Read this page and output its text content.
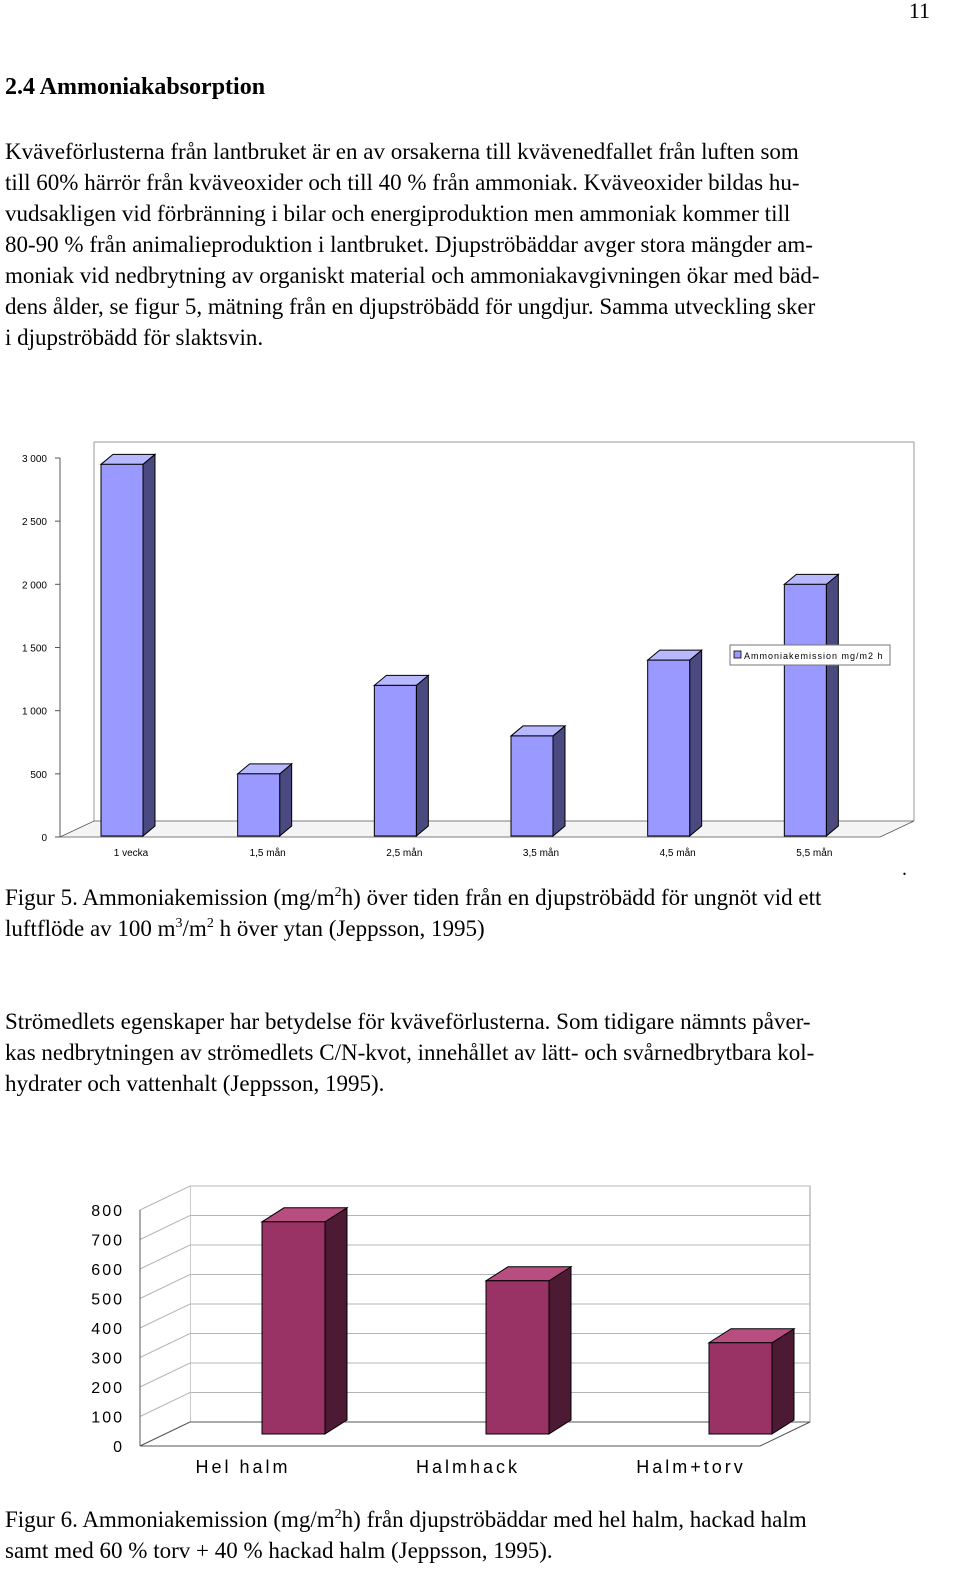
11
2.4 Ammoniakabsorption
Kväveförlusterna från lantbruket är en av orsakerna till kvävenedfallet från luften som
till 60% härrör från kväveoxider och till 40 % från ammoniak. Kväveoxider bildas hu-
vudsakligen vid förbränning i bilar och energiproduktion men ammoniak kommer till
80-90 % från animalieproduktion i lantbruket. Djupströbäddar avger stora mängder am-
moniak vid nedbrytning av organiskt material och ammoniakavgivningen ökar med bäd-
dens ålder, se figur 5, mätning från en djupströbädd för ungdjur. Samma utveckling sker
i djupströbädd för slaktsvin.
0
500
1 000
1 500
2 000
2 500
3 000
1 vecka	1,5 mån	2,5 mån	3,5 mån	4,5 mån	5,5 mån
Ammoniakemission mg/m2 h
.
Figur 5. Ammoniakemission $(mg/m^2h)$ över tiden från en djupströbädd för ungnöt vid ett
luftflöde av 100 $m^3/m^2$ h över ytan (Jeppsson, 1995)
Strömedlets egenskaper har betydelse för kväveförlusterna. Som tidigare nämnts påver-
kas nedbrytningen av strömedlets C/N-kvot, innehållet av lätt- och svårnedbrytbara kol-
hydrater och vattenhalt (Jeppsson, 1995).
0
100
200
300
400
500
600
700
800
Hel halm	Halmhack	Halm+torv
Figur 6. Ammoniakemission $(mg/m^2h)$ från djupströbäddar med hel halm, hackad halm
samt med 60 % torv + 40 % hackad halm (Jeppsson, 1995).
